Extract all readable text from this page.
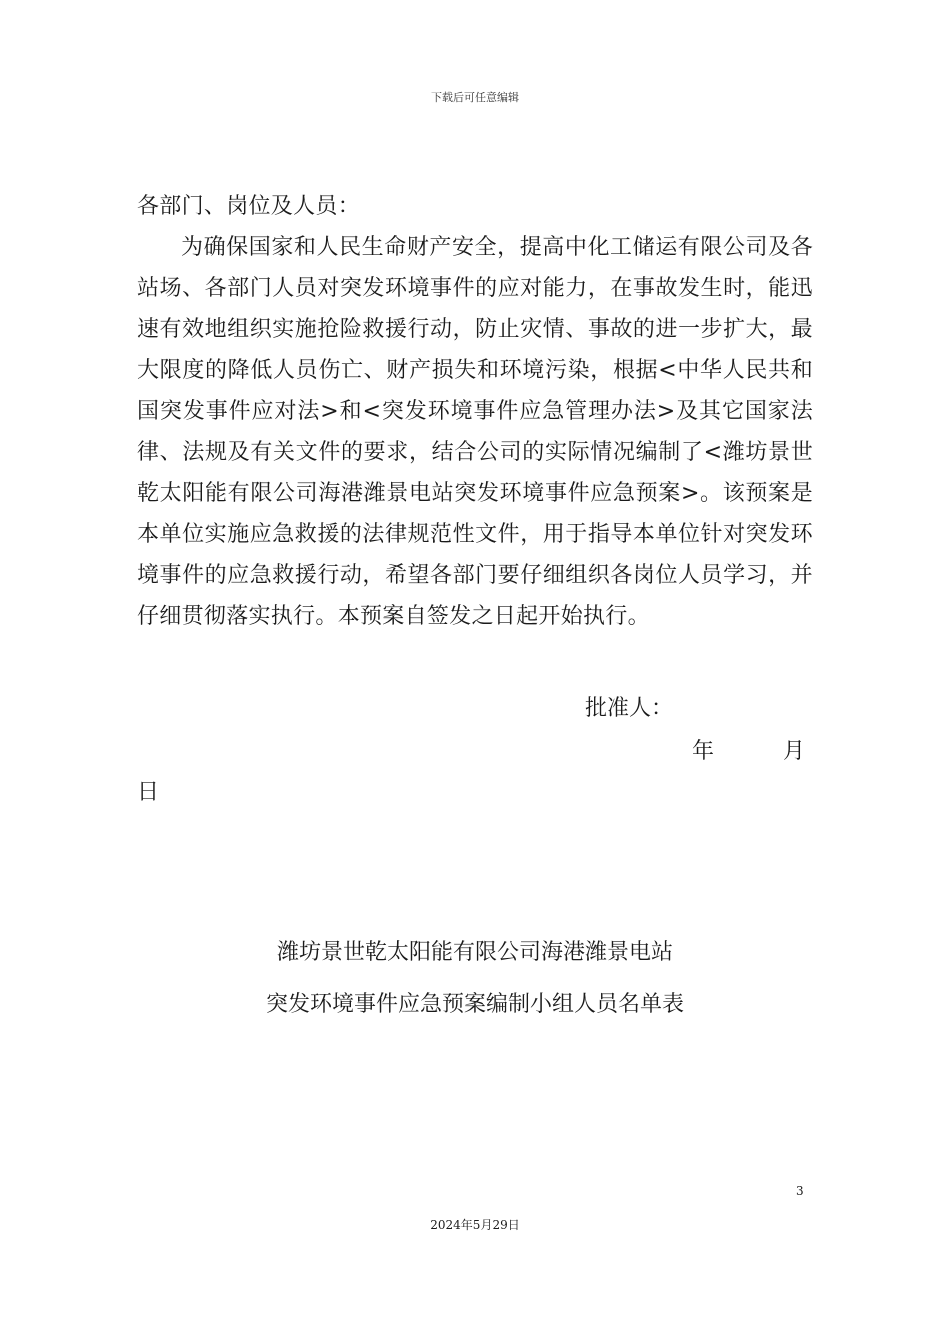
下载后可任意编辑

各部门、岗位及人员：

为确保国家和人民生命财产安全，提高中化工储运有限公司及各站场、各部门人员对突发环境事件的应对能力，在事故发生时，能迅速有效地组织实施抢险救援行动，防止灾情、事故的进一步扩大，最大限度的降低人员伤亡、财产损失和环境污染，根据<中华人民共和国突发事件应对法>和<突发环境事件应急管理办法>及其它国家法律、法规及有关文件的要求，结合公司的实际情况编制了<潍坊景世乾太阳能有限公司海港潍景电站突发环境事件应急预案>。该预案是本单位实施应急救援的法律规范性文件，用于指导本单位针对突发环境事件的应急救援行动，希望各部门要仔细组织各岗位人员学习，并仔细贯彻落实执行。本预案自签发之日起开始执行。

批准人：
年	月
日
潍坊景世乾太阳能有限公司海港潍景电站
突发环境事件应急预案编制小组人员名单表
3
2024年5月29日
